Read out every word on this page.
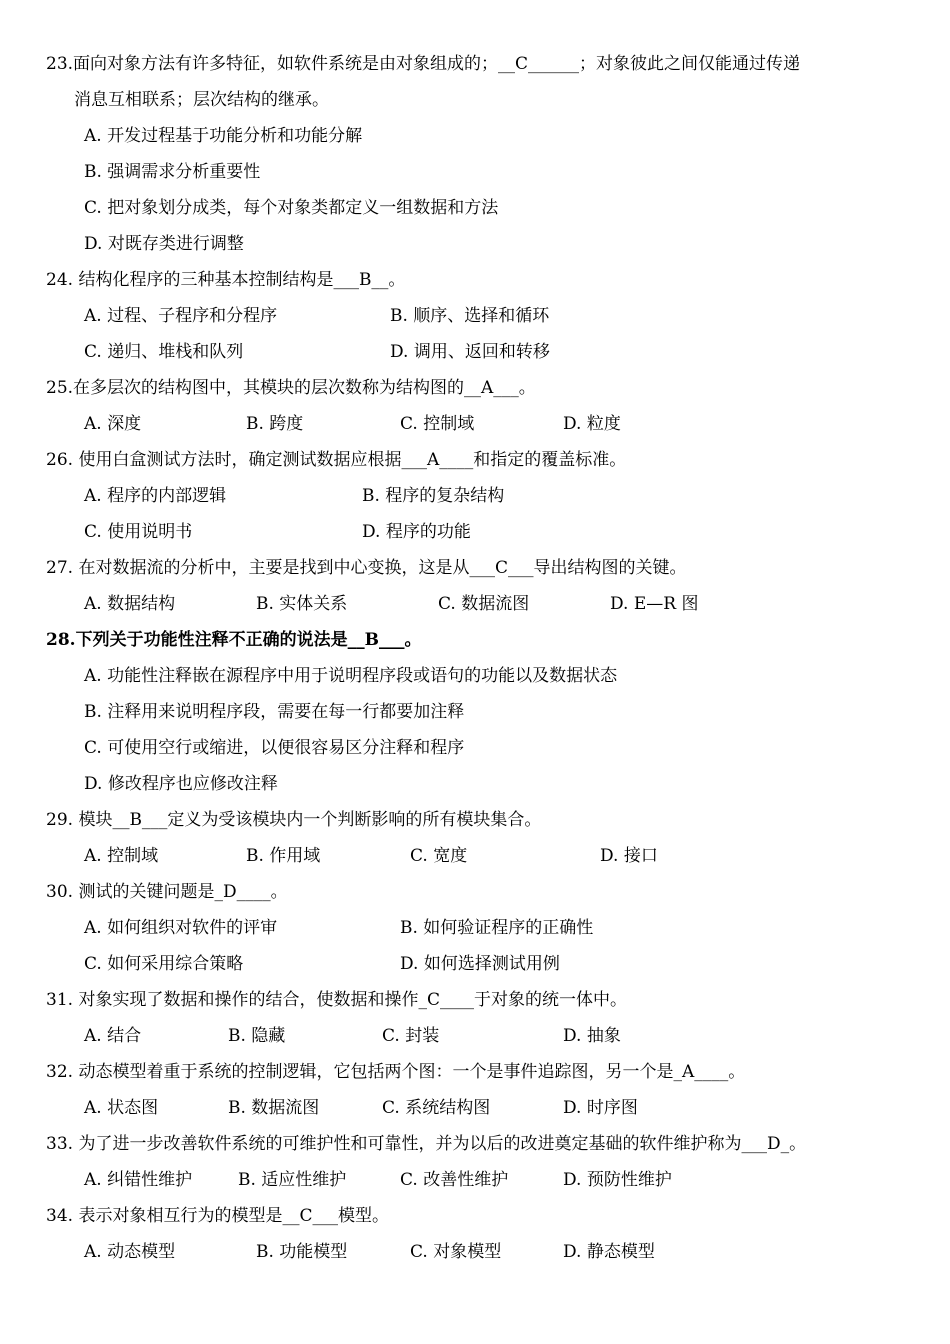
23.面向对象方法有许多特征，如软件系统是由对象组成的；__C______；对象彼此之间仅能通过传递
消息互相联系；层次结构的继承。
A. 开发过程基于功能分析和功能分解
B. 强调需求分析重要性
C. 把对象划分成类，每个对象类都定义一组数据和方法
D. 对既存类进行调整
24. 结构化程序的三种基本控制结构是___B__。
A. 过程、子程序和分程序	B. 顺序、选择和循环
C. 递归、堆栈和队列	D. 调用、返回和转移
25.在多层次的结构图中，其模块的层次数称为结构图的__A___。
A. 深度	B. 跨度	C. 控制域	D. 粒度
26. 使用白盒测试方法时，确定测试数据应根据___A____和指定的覆盖标准。
A. 程序的内部逻辑	B. 程序的复杂结构
C. 使用说明书	D. 程序的功能
27. 在对数据流的分析中，主要是找到中心变换，这是从___C___导出结构图的关键。
A. 数据结构	B. 实体关系	C. 数据流图	D. E—R 图
28.下列关于功能性注释不正确的说法是__B___。
A. 功能性注释嵌在源程序中用于说明程序段或语句的功能以及数据状态
B. 注释用来说明程序段，需要在每一行都要加注释
C. 可使用空行或缩进，以便很容易区分注释和程序
D. 修改程序也应修改注释
29. 模块__B___定义为受该模块内一个判断影响的所有模块集合。
A. 控制域	B. 作用域	C. 宽度	D. 接口
30. 测试的关键问题是_D____。
A. 如何组织对软件的评审	B. 如何验证程序的正确性
C. 如何采用综合策略	D. 如何选择测试用例
31. 对象实现了数据和操作的结合，使数据和操作_C____于对象的统一体中。
A. 结合	B. 隐藏	C. 封装	D. 抽象
32. 动态模型着重于系统的控制逻辑，它包括两个图：一个是事件追踪图，另一个是_A____。
A. 状态图	B. 数据流图	C. 系统结构图	D. 时序图
33. 为了进一步改善软件系统的可维护性和可靠性，并为以后的改进奠定基础的软件维护称为___D_。
A. 纠错性维护	B. 适应性维护	C. 改善性维护	D. 预防性维护
34. 表示对象相互行为的模型是__C___模型。
A. 动态模型	B. 功能模型	C. 对象模型	D. 静态模型
